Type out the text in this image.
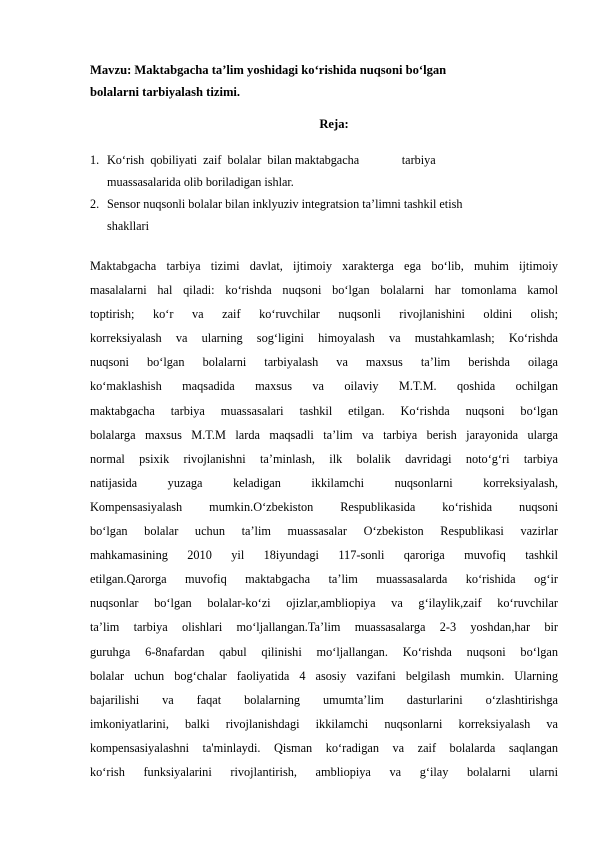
Mavzu: Maktabgacha ta’lim yoshidagi ko‘rishida nuqsoni bo‘lgan
bolalarni tarbiyalash tizimi.
Reja:
1. Ko‘rish  qobiliyati  zaif  bolalar  bilan maktabgacha              tarbiya
muassasalarida olib boriladigan ishlar.
2. Sensor nuqsonli bolalar bilan inklyuziv integratsion ta’limni tashkil etish
shakllari
Maktabgacha tarbiya tizimi davlat, ijtimoiy xarakterga ega bo‘lib, muhim ijtimoiy
masalalarni hal qiladi: ko‘rishda nuqsoni bo‘lgan bolalarni har tomonlama kamol
toptirish; ko‘r va zaif ko‘ruvchilar nuqsonli rivojlanishini oldini olish;
korreksiyalash va ularning sog‘ligini himoyalash va mustahkamlash; Ko‘rishda
nuqsoni bo‘lgan bolalarni tarbiyalash va maxsus ta’lim berishda oilaga
ko‘maklashish maqsadida maxsus va oilaviy M.T.M. qoshida ochilgan
maktabgacha tarbiya muassasalari tashkil etilgan. Ko‘rishda nuqsoni bo‘lgan
bolalarga maxsus M.T.M larda maqsadli ta’lim va tarbiya berish jarayonida ularga
normal psixik rivojlanishni ta’minlash, ilk bolalik davridagi noto‘g‘ri tarbiya
natijasida yuzaga keladigan ikkilamchi nuqsonlarni korreksiyalash,
Kompensasiyalash mumkin.O‘zbekiston Respublikasida ko‘rishida nuqsoni
bo‘lgan bolalar uchun ta’lim muassasalar O‘zbekiston Respublikasi vazirlar
mahkamasining 2010 yil 18iyundagi 117-sonli qaroriga muvofiq tashkil
etilgan.Qarorga muvofiq maktabgacha ta’lim muassasalarda ko‘rishida og‘ir
nuqsonlar bo‘lgan bolalar-ko‘zi ojizlar,ambliopiya va g‘ilaylik,zaif ko‘ruvchilar
ta’lim tarbiya olishlari mo‘ljallangan.Ta’lim muassasalarga 2-3 yoshdan,har bir
guruhga 6-8nafardan qabul qilinishi mo‘ljallangan. Ko‘rishda nuqsoni bo‘lgan
bolalar uchun bog‘chalar faoliyatida 4 asosiy vazifani belgilash mumkin. Ularning
bajarilishi va faqat bolalarning umumta’lim dasturlarini o‘zlashtirishga
imkoniyatlarini, balki rivojlanishdagi ikkilamchi nuqsonlarni korreksiyalash va
kompensasiyalashni ta'minlaydi. Qisman ko‘radigan va zaif bolalarda saqlangan
ko‘rish funksiyalarini rivojlantirish, ambliopiya va g‘ilay bolalarni ularni
